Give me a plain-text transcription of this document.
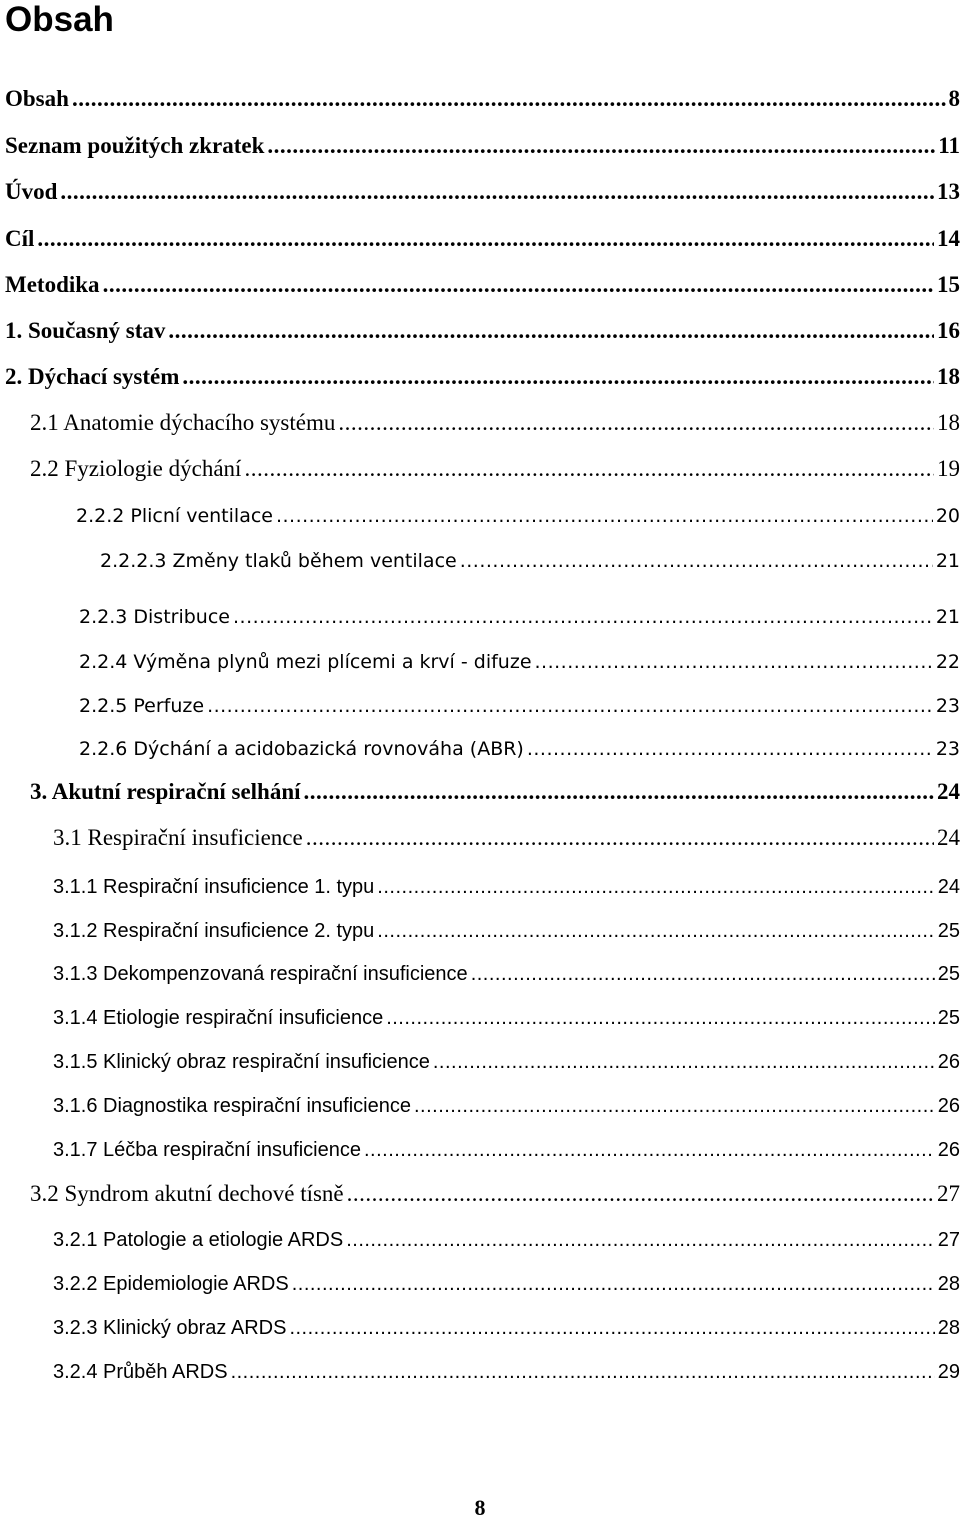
Obsah
Obsah .....	8
Seznam použitých zkratek .....	11
Úvod .....	13
Cíl .....	14
Metodika .....	15
1. Současný stav .....	16
2. Dýchací systém .....	18
2.1 Anatomie dýchacího systému .....	18
2.2 Fyziologie dýchání .....	19
2.2.2 Plicní ventilace .....	20
2.2.2.3 Změny tlaků během ventilace .....	21
2.2.3 Distribuce .....	21
2.2.4 Výměna plynů mezi plícemi a krví - difuze .....	22
2.2.5 Perfuze .....	23
2.2.6 Dýchání a acidobazická rovnováha (ABR) .....	23
3. Akutní respirační selhání .....	24
3.1 Respirační insuficience .....	24
3.1.1 Respirační insuficience 1. typu .....	24
3.1.2 Respirační insuficience 2. typu .....	25
3.1.3 Dekompenzovaná respirační insuficience .....	25
3.1.4 Etiologie respirační insuficience .....	25
3.1.5 Klinický obraz respirační insuficience .....	26
3.1.6 Diagnostika respirační insuficience .....	26
3.1.7 Léčba respirační insuficience .....	26
3.2 Syndrom akutní dechové tísně .....	27
3.2.1 Patologie a etiologie ARDS .....	27
3.2.2 Epidemiologie ARDS .....	28
3.2.3 Klinický obraz ARDS .....	28
3.2.4 Průběh ARDS .....	29
8
